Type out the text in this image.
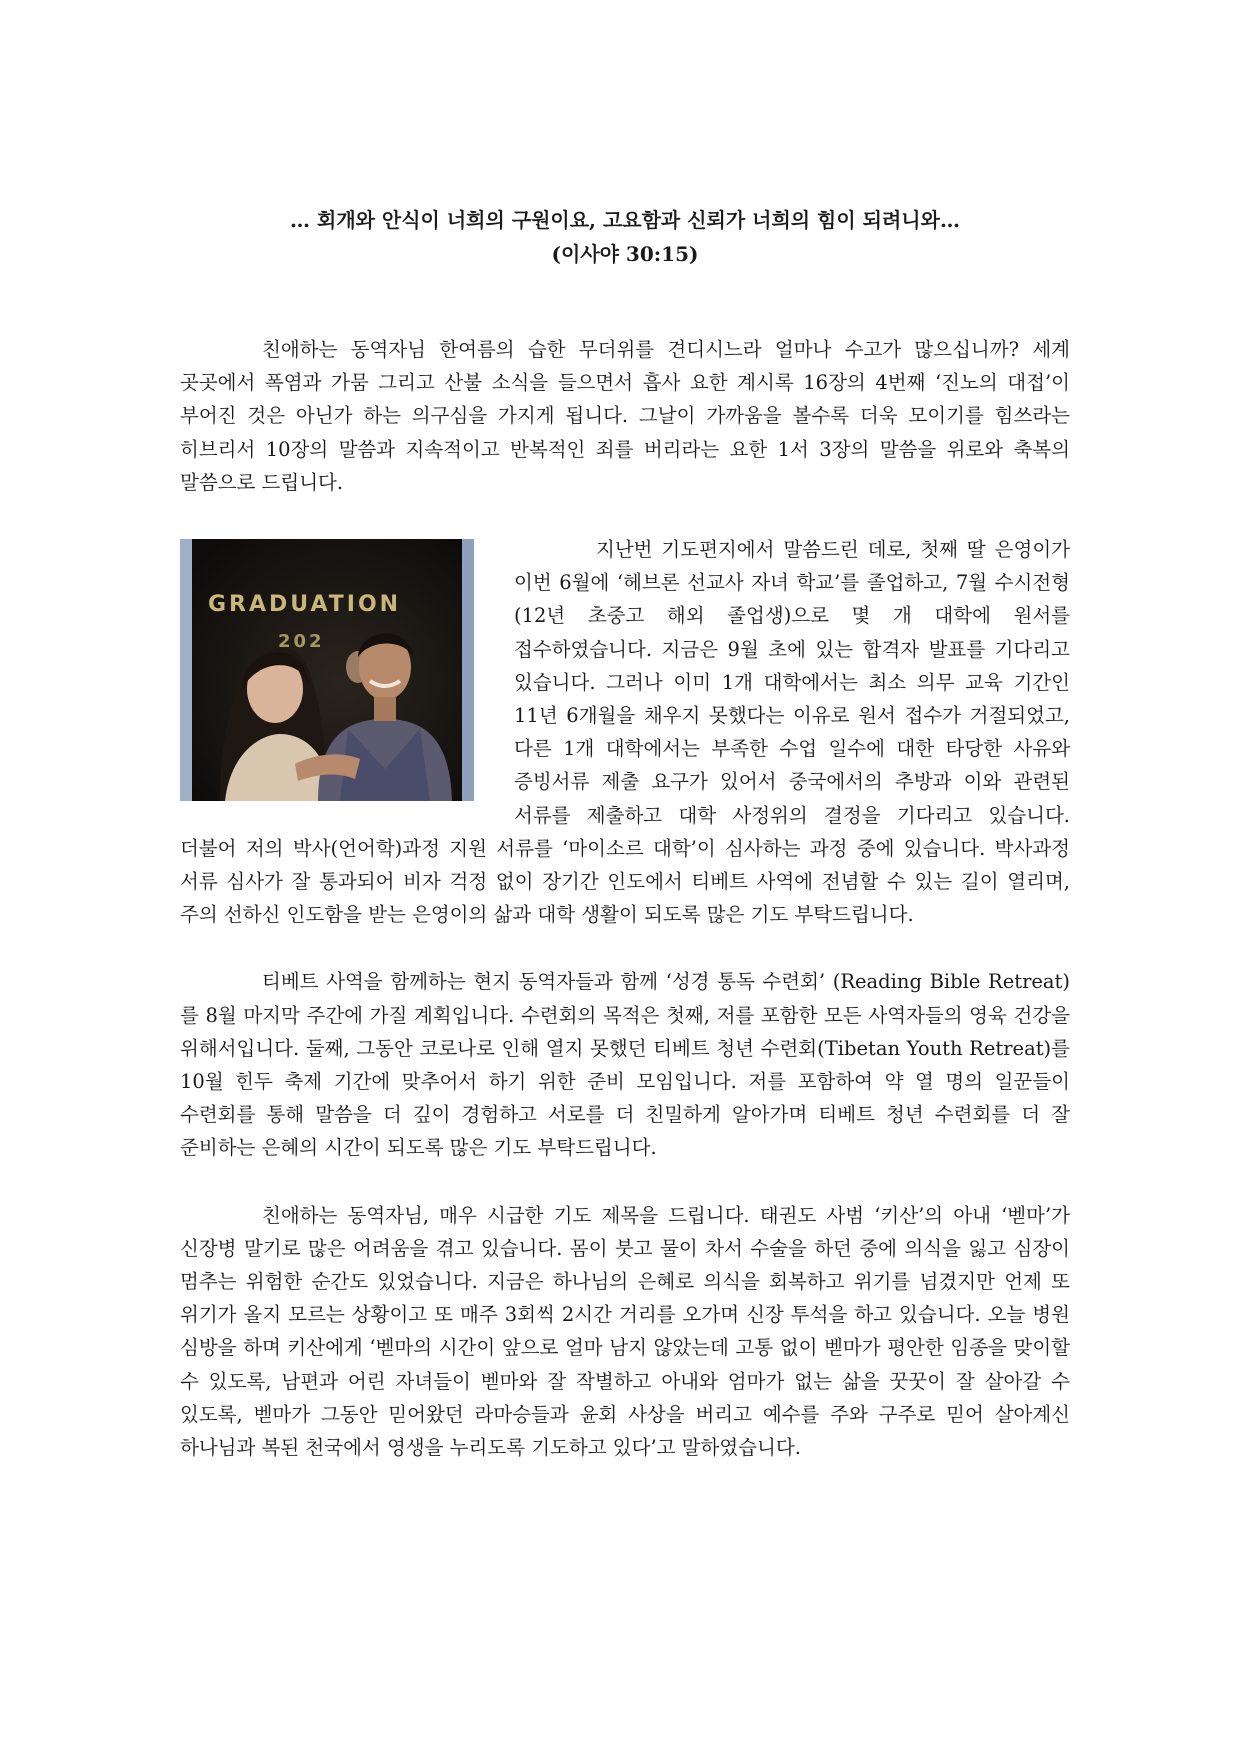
… 회개와 안식이 너희의 구원이요, 고요함과 신뢰가 너희의 힘이 되려니와…
(이사야 30:15)

친애하는 동역자님 한여름의 습한 무더위를 견디시느라 얼마나 수고가 많으십니까? 세계 곳곳에서 폭염과 가뭄 그리고 산불 소식을 들으면서 흡사 요한 계시록 16장의 4번째 ‘진노의 대접’이 부어진 것은 아닌가 하는 의구심을 가지게 됩니다. 그날이 가까움을 볼수록 더욱 모이기를 힘쓰라는 히브리서 10장의 말씀과 지속적이고 반복적인 죄를 버리라는 요한 1서 3장의 말씀을 위로와 축복의 말씀으로 드립니다.

GRADUATION
202

지난번 기도편지에서 말씀드린 데로, 첫째 딸 은영이가 이번 6월에 ‘헤브론 선교사 자녀 학교’를 졸업하고, 7월 수시전형(12년 초중고 해외 졸업생)으로 몇 개 대학에 원서를 접수하였습니다. 지금은 9월 초에 있는 합격자 발표를 기다리고 있습니다. 그러나 이미 1개 대학에서는 최소 의무 교육 기간인 11년 6개월을 채우지 못했다는 이유로 원서 접수가 거절되었고, 다른 1개 대학에서는 부족한 수업 일수에 대한 타당한 사유와 증빙서류 제출 요구가 있어서 중국에서의 추방과 이와 관련된 서류를 제출하고 대학 사정위의 결정을 기다리고 있습니다. 더불어 저의 박사(언어학)과정 지원 서류를 ‘마이소르 대학’이 심사하는 과정 중에 있습니다. 박사과정 서류 심사가 잘 통과되어 비자 걱정 없이 장기간 인도에서 티베트 사역에 전념할 수 있는 길이 열리며, 주의 선하신 인도함을 받는 은영이의 삶과 대학 생활이 되도록 많은 기도 부탁드립니다.

티베트 사역을 함께하는 현지 동역자들과 함께 ‘성경 통독 수련회’ (Reading Bible Retreat) 를 8월 마지막 주간에 가질 계획입니다. 수련회의 목적은 첫째, 저를 포함한 모든 사역자들의 영육 건강을 위해서입니다. 둘째, 그동안 코로나로 인해 열지 못했던 티베트 청년 수련회(Tibetan Youth Retreat)를 10월 힌두 축제 기간에 맞추어서 하기 위한 준비 모임입니다. 저를 포함하여 약 열 명의 일꾼들이 수련회를 통해 말씀을 더 깊이 경험하고 서로를 더 친밀하게 알아가며 티베트 청년 수련회를 더 잘 준비하는 은혜의 시간이 되도록 많은 기도 부탁드립니다.

친애하는 동역자님, 매우 시급한 기도 제목을 드립니다. 태권도 사범 ‘키산’의 아내 ‘벧마’가 신장병 말기로 많은 어려움을 겪고 있습니다. 몸이 붓고 물이 차서 수술을 하던 중에 의식을 잃고 심장이 멈추는 위험한 순간도 있었습니다. 지금은 하나님의 은혜로 의식을 회복하고 위기를 넘겼지만 언제 또 위기가 올지 모르는 상황이고 또 매주 3회씩 2시간 거리를 오가며 신장 투석을 하고 있습니다. 오늘 병원 심방을 하며 키산에게 ‘벧마의 시간이 앞으로 얼마 남지 않았는데 고통 없이 벧마가 평안한 임종을 맞이할 수 있도록, 남편과 어린 자녀들이 벧마와 잘 작별하고 아내와 엄마가 없는 삶을 꿋꿋이 잘 살아갈 수 있도록, 벧마가 그동안 믿어왔던 라마승들과 윤회 사상을 버리고 예수를 주와 구주로 믿어 살아계신 하나님과 복된 천국에서 영생을 누리도록 기도하고 있다’고 말하였습니다.
